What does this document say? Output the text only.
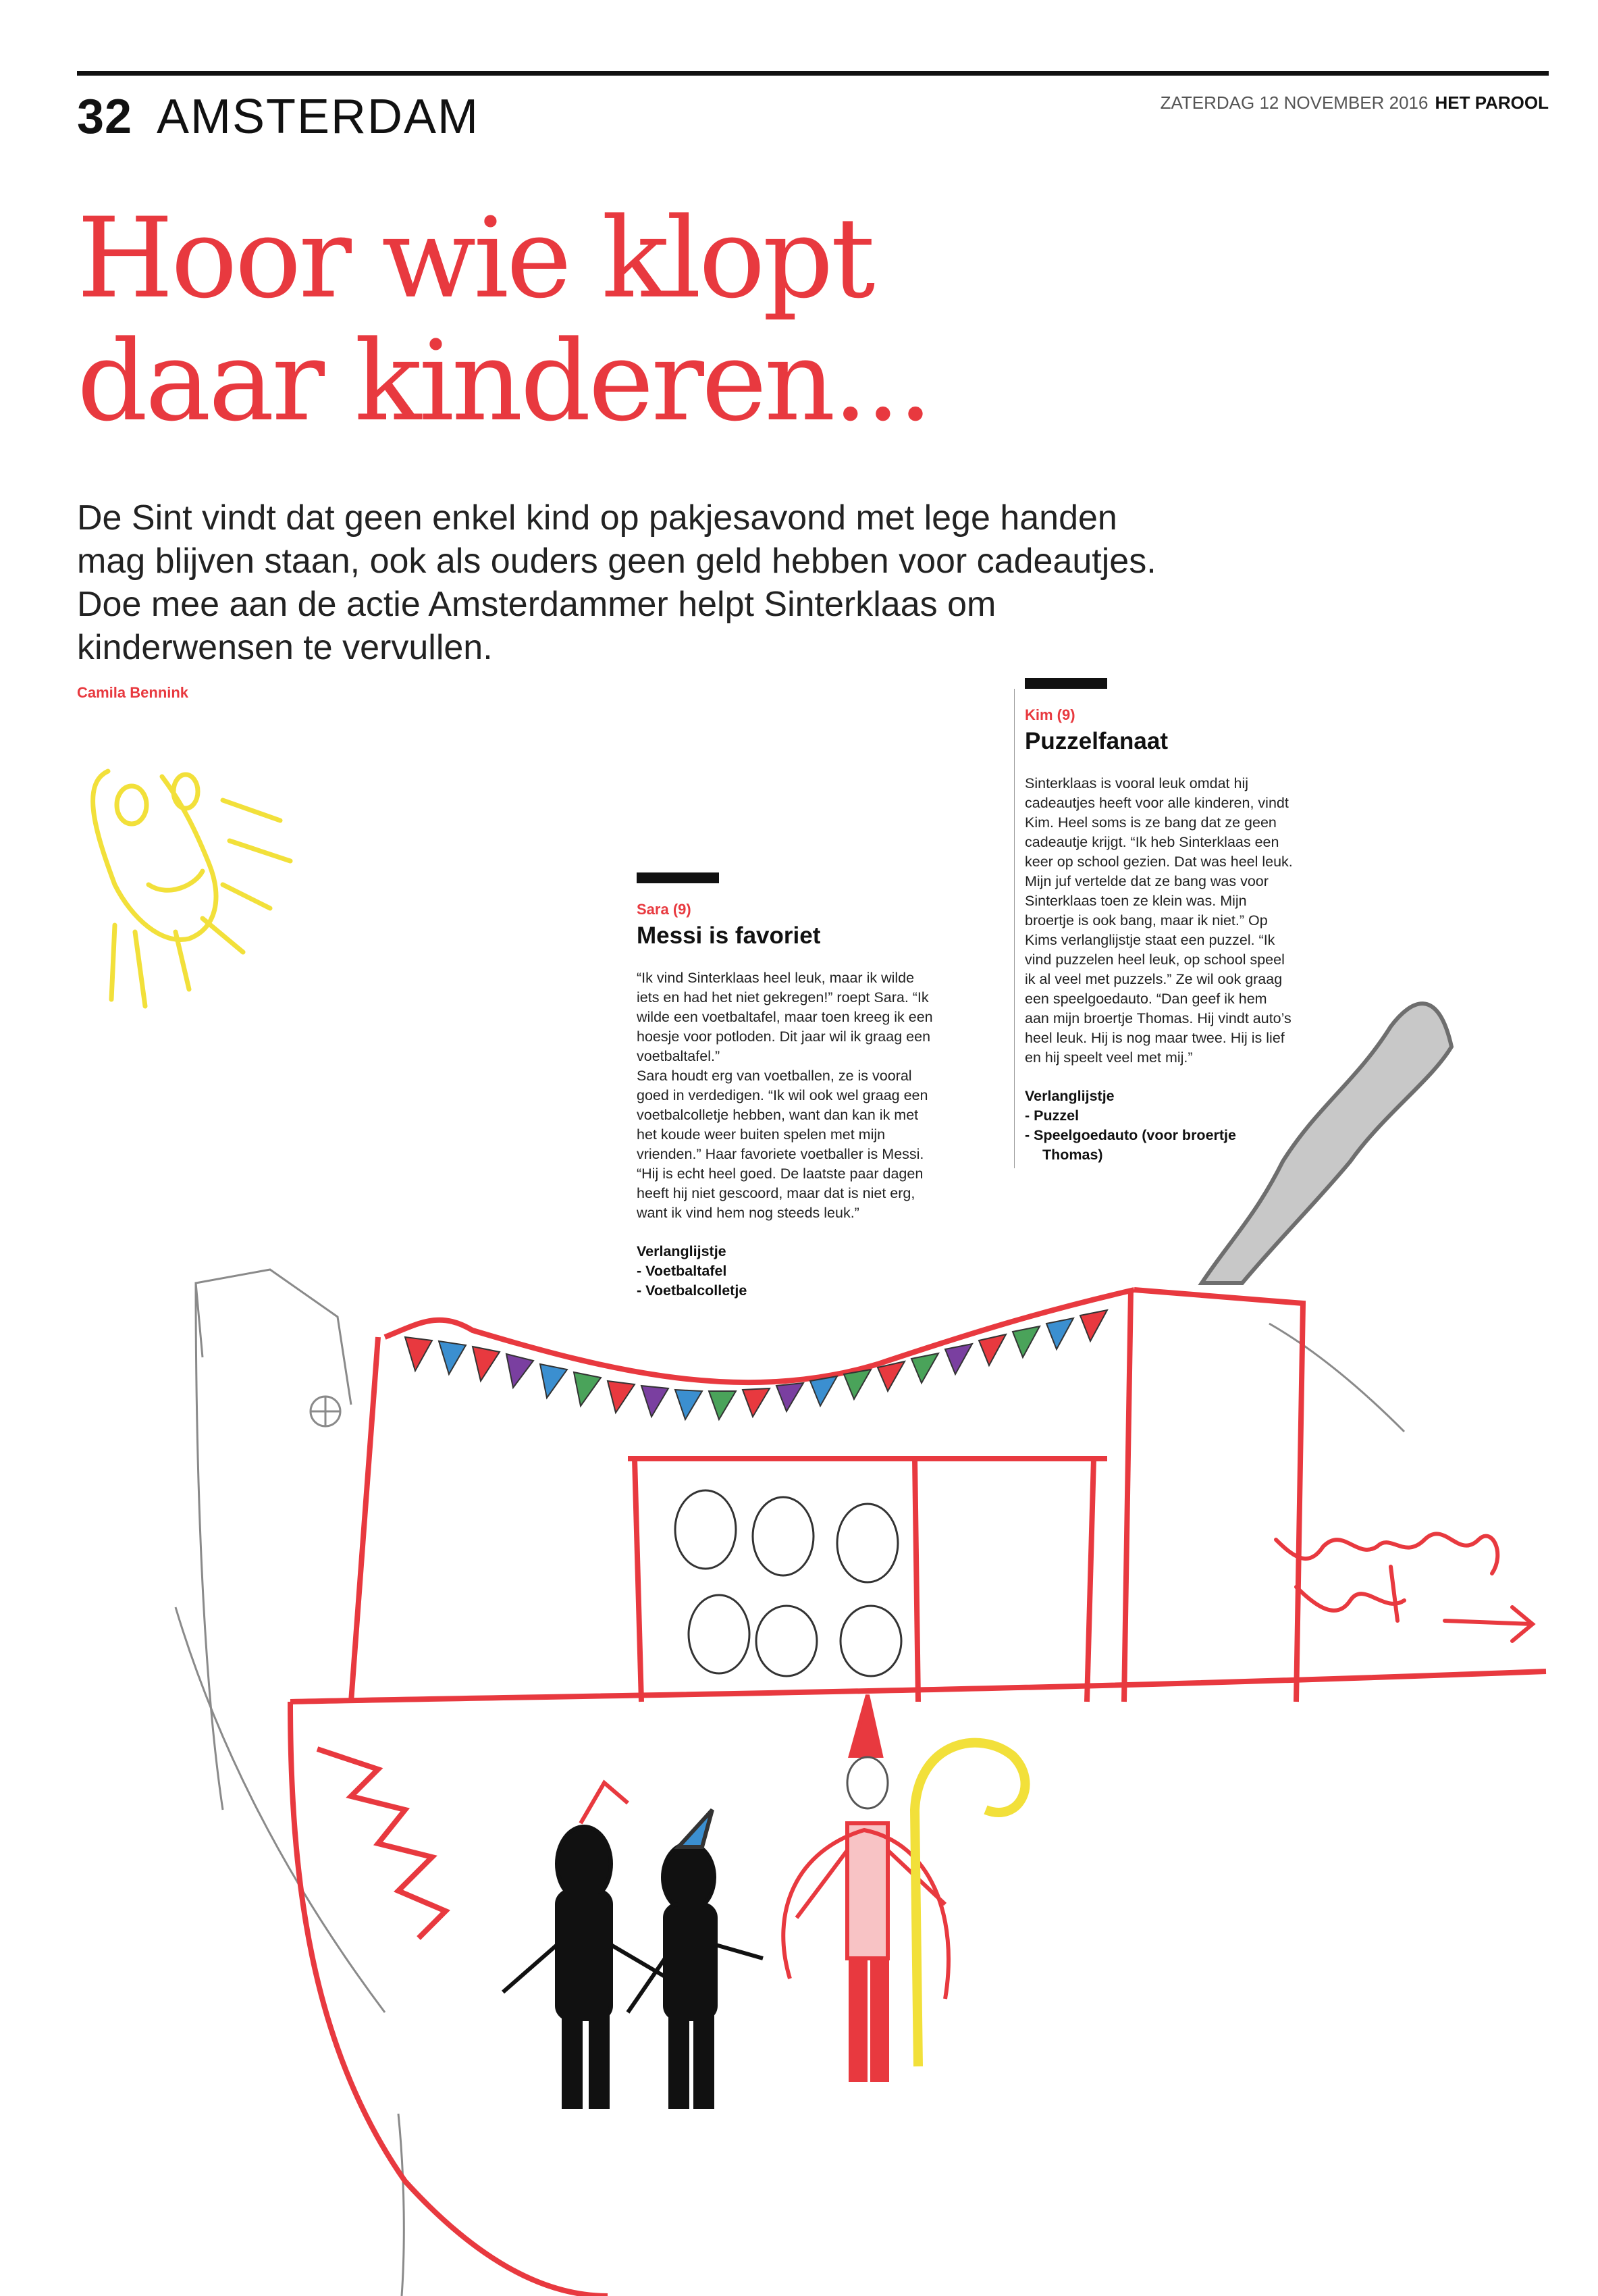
32 AMSTERDAM	ZATERDAG 12 NOVEMBER 2016 HET PAROOL
Hoor wie klopt
daar kinderen...
De Sint vindt dat geen enkel kind op pakjesavond met lege handen
mag blijven staan, ook als ouders geen geld hebben voor cadeautjes.
Doe mee aan de actie Amsterdammer helpt Sinterklaas om
kinderwensen te vervullen.
Camila Bennink
Kim (9)
Puzzelfanaat

Sinterklaas is vooral leuk omdat hij cadeautjes heeft voor alle kinderen, vindt Kim. Heel soms is ze bang dat ze geen cadeautje krijgt. “Ik heb Sinterklaas een keer op school gezien. Dat was heel leuk. Mijn juf vertelde dat ze bang was voor Sinterklaas toen ze klein was. Mijn broertje is ook bang, maar ik niet.” Op Kims verlanglijstje staat een puzzel. “Ik vind puzzelen heel leuk, op school speel ik al veel met puzzels.” Ze wil ook graag een speelgoedauto. “Dan geef ik hem aan mijn broertje Thomas. Hij vindt auto’s heel leuk. Hij is nog maar twee. Hij is lief en hij speelt veel met mij.”

Verlanglijstje
- Puzzel
- Speelgoedauto (voor broertje Thomas)
Sara (9)
Messi is favoriet

“Ik vind Sinterklaas heel leuk, maar ik wilde iets en had het niet gekregen!” roept Sara. “Ik wilde een voetbaltafel, maar toen kreeg ik een hoesje voor potloden. Dit jaar wil ik graag een voetbaltafel.”

Sara houdt erg van voetballen, ze is vooral goed in verdedigen. “Ik wil ook wel graag een voetbalcolletje hebben, want dan kan ik met het koude weer buiten spelen met mijn vrienden.” Haar favoriete voetballer is Messi. “Hij is echt heel goed. De laatste paar dagen heeft hij niet gescoord, maar dat is niet erg, want ik vind hem nog steeds leuk.”

Verlanglijstje
- Voetbaltafel
- Voetbalcolletje
